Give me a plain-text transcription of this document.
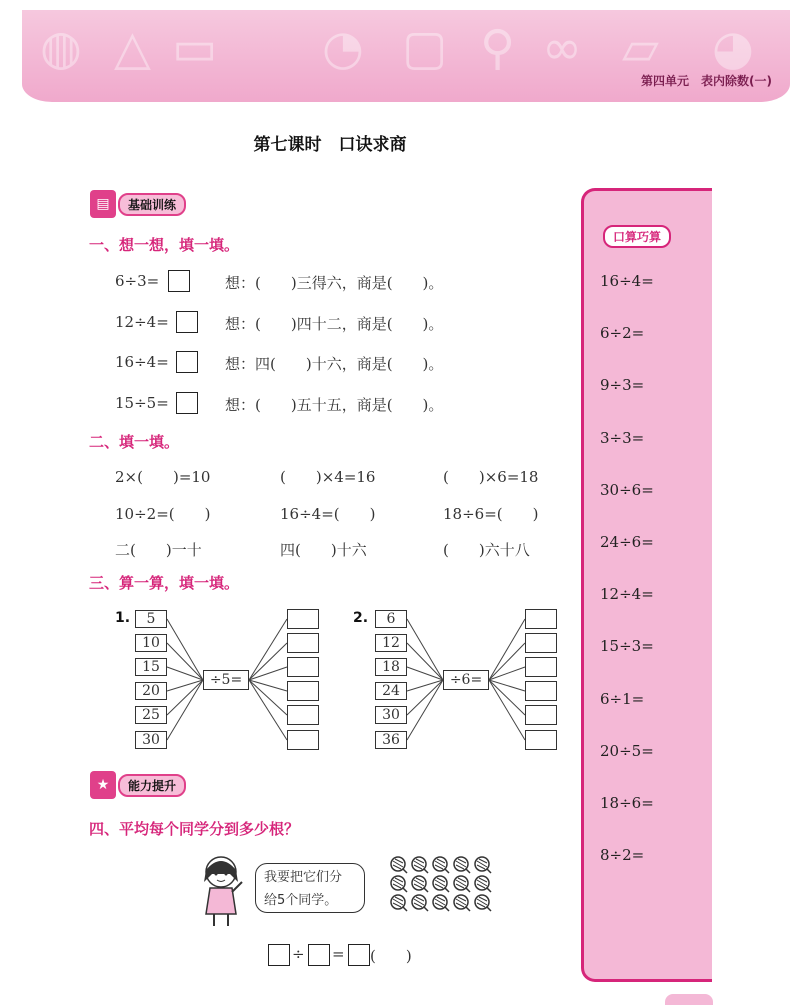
◍ △ ▭ ◔ ▢ ⚲ ∞ ▱ ◕
第四单元　表内除数(一)
第七课时　口诀求商
▤	基础训练
一、想一想，填一填。
6÷3=	想：(　　)三得六，商是(　　)。
12÷4=	想：(　　)四十二，商是(　　)。
16÷4=	想：四(　　)十六，商是(　　)。
15÷5=	想：(　　)五十五，商是(　　)。
二、填一填。
2×(　　)=10	(　　)×4=16	(　　)×6=18
10÷2=(　　)	16÷4=(　　)	18÷6=(　　)
二(　　)一十	四(　　)十六	(　　)六十八
三、算一算，填一填。
1.
÷5=
5
10
15
20
25
30
2.
÷6=
6
12
18
24
30
36
★	能力提升
四、平均每个同学分到多少根？
我要把它们分
给5个同学。
÷ = (　　)
口算巧算
16÷4=
6÷2=
9÷3=
3÷3=
30÷6=
24÷6=
12÷4=
15÷3=
6÷1=
20÷5=
18÷6=
8÷2=
